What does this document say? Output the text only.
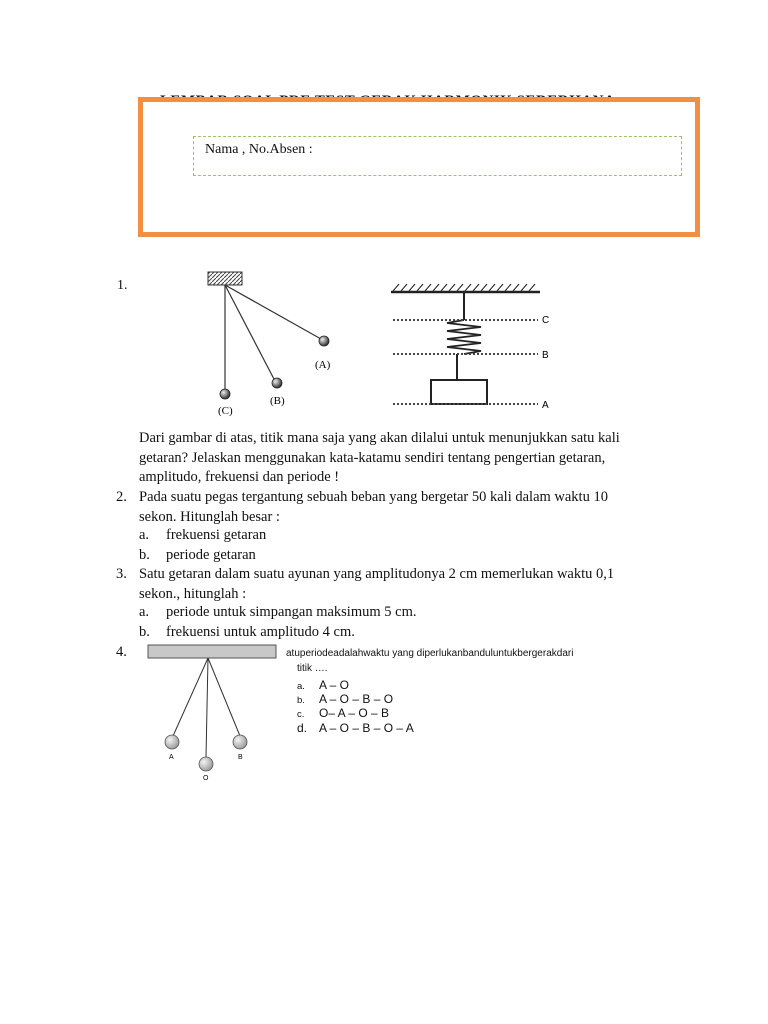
Nama , No.Absen :
1.
(A)
(B)
(C)
C
B
A
Dari gambar di atas, titik mana saja yang akan dilalui untuk menunjukkan satu kali
getaran? Jelaskan menggunakan kata-katamu sendiri tentang pengertian getaran,
amplitudo, frekuensi dan periode !
2. Pada suatu pegas tergantung sebuah beban yang bergetar 50 kali dalam waktu 10
sekon. Hitunglah besar :
a. frekuensi getaran
b. periode getaran
3. Satu getaran dalam suatu ayunan yang amplitudonya 2 cm memerlukan waktu 0,1
sekon., hitunglah :
a. periode untuk simpangan maksimum 5 cm.
b. frekuensi untuk amplitudo 4 cm.
4.
A	B
O
atuperiodeadalahwaktu yang diperlukanbanduluntukbergerakdari
titik ….
a. A – O
b. A – O – B – O
c. O– A – O – B
d. A – O – B – O – A
